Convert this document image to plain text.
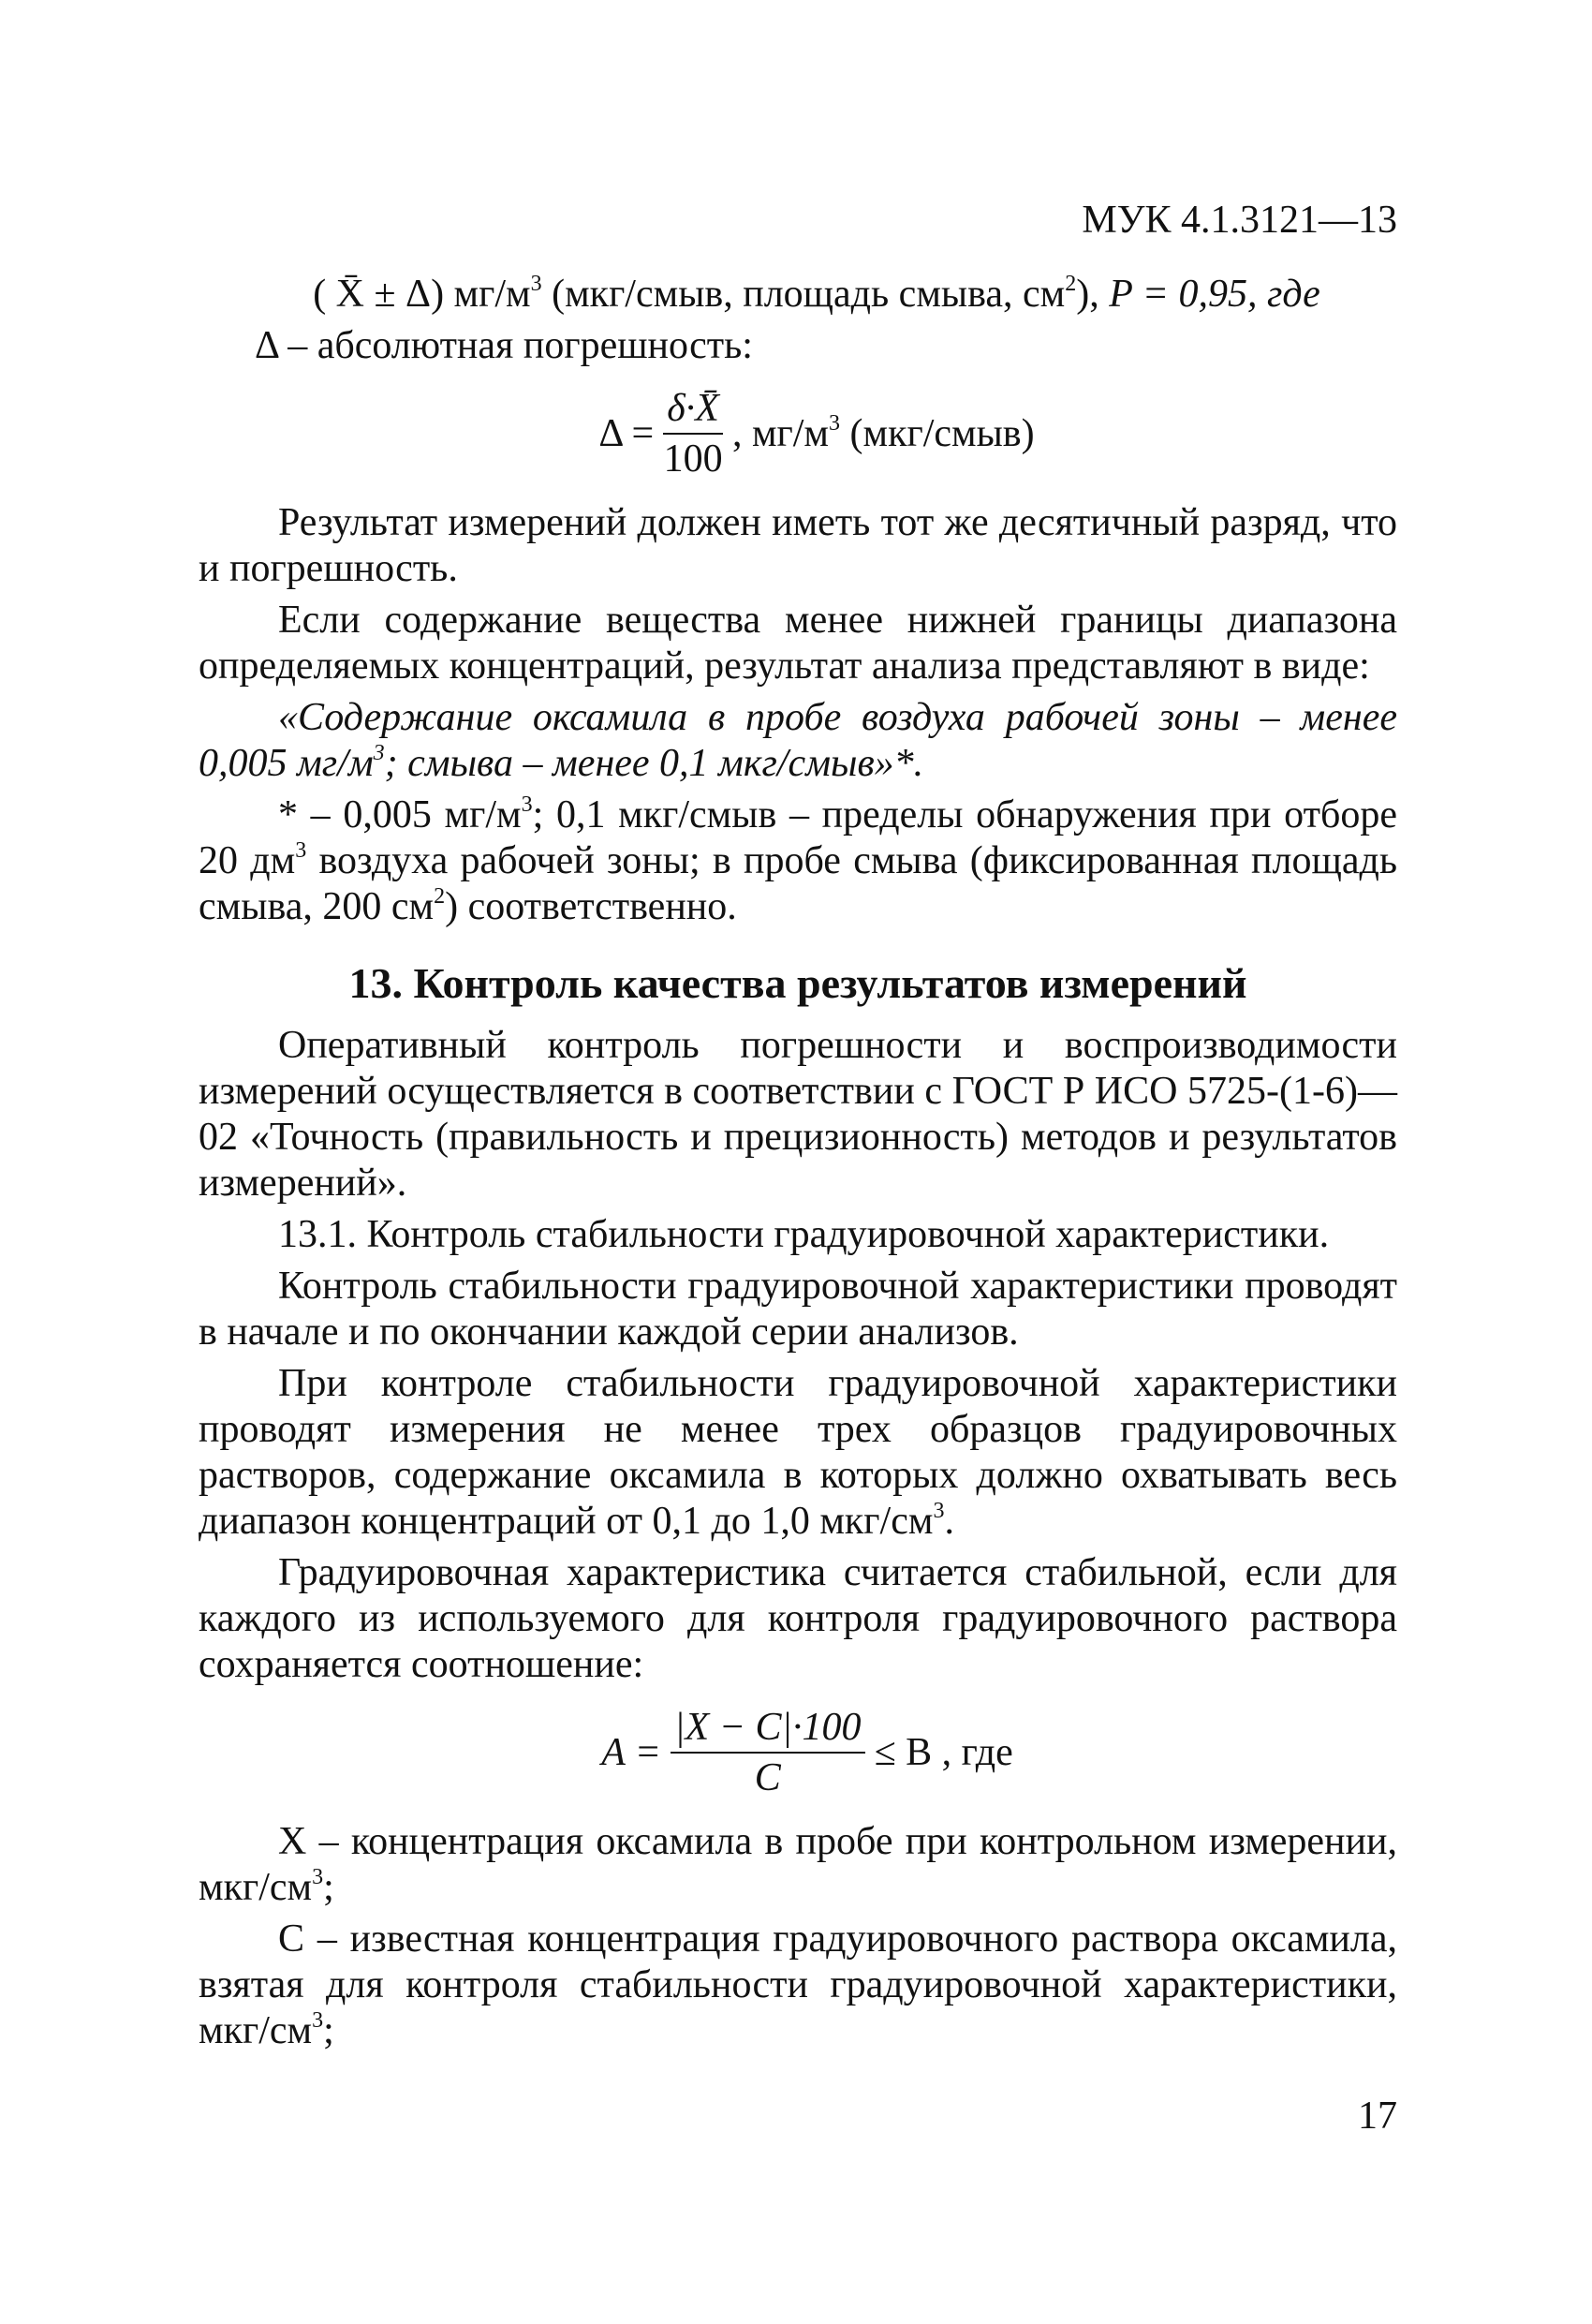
МУК 4.1.3121—13

( X̄ ± Δ) $мг/м^3$ (мкг/смыв, площадь смыва, $см^2$), P = 0,95, где

Δ – абсолютная погрешность:

$\Delta = \frac{\delta\cdot X̄}{100}$ , $мг/м^3$ (мкг/смыв)

Результат измерений должен иметь тот же десятичный разряд, что и погрешность.

Если содержание вещества менее нижней границы диапазона определяемых концентраций, результат анализа представляют в виде:

«Содержание оксамила в пробе воздуха рабочей зоны – менее 0,005 $мг/м^3$; смыва – менее 0,1 мкг/смыв»*.

* – 0,005 $мг/м^3$; 0,1 мкг/смыв – пределы обнаружения при отборе 20 $дм^3$ воздуха рабочей зоны; в пробе смыва (фиксированная площадь смыва, 200 $см^2$) соответственно.

13. Контроль качества результатов измерений

Оперативный контроль погрешности и воспроизводимости измерений осуществляется в соответствии с ГОСТ Р ИСО 5725-(1-6)—02 «Точность (правильность и прецизионность) методов и результатов измерений».

13.1. Контроль стабильности градуировочной характеристики.

Контроль стабильности градуировочной характеристики проводят в начале и по окончании каждой серии анализов.

При контроле стабильности градуировочной характеристики проводят измерения не менее трех образцов градуировочных растворов, содержание оксамила в которых должно охватывать весь диапазон концентраций от 0,1 до 1,0 мкг/$см^3$.

Градуировочная характеристика считается стабильной, если для каждого из используемого для контроля градуировочного раствора сохраняется соотношение:

$A = \frac{|X - C|\cdot 100}{C} \le B$ , где

X – концентрация оксамила в пробе при контрольном измерении, мкг/$см^3$;

C – известная концентрация градуировочного раствора оксамила, взятая для контроля стабильности градуировочной характеристики, мкг/$см^3$;

17
